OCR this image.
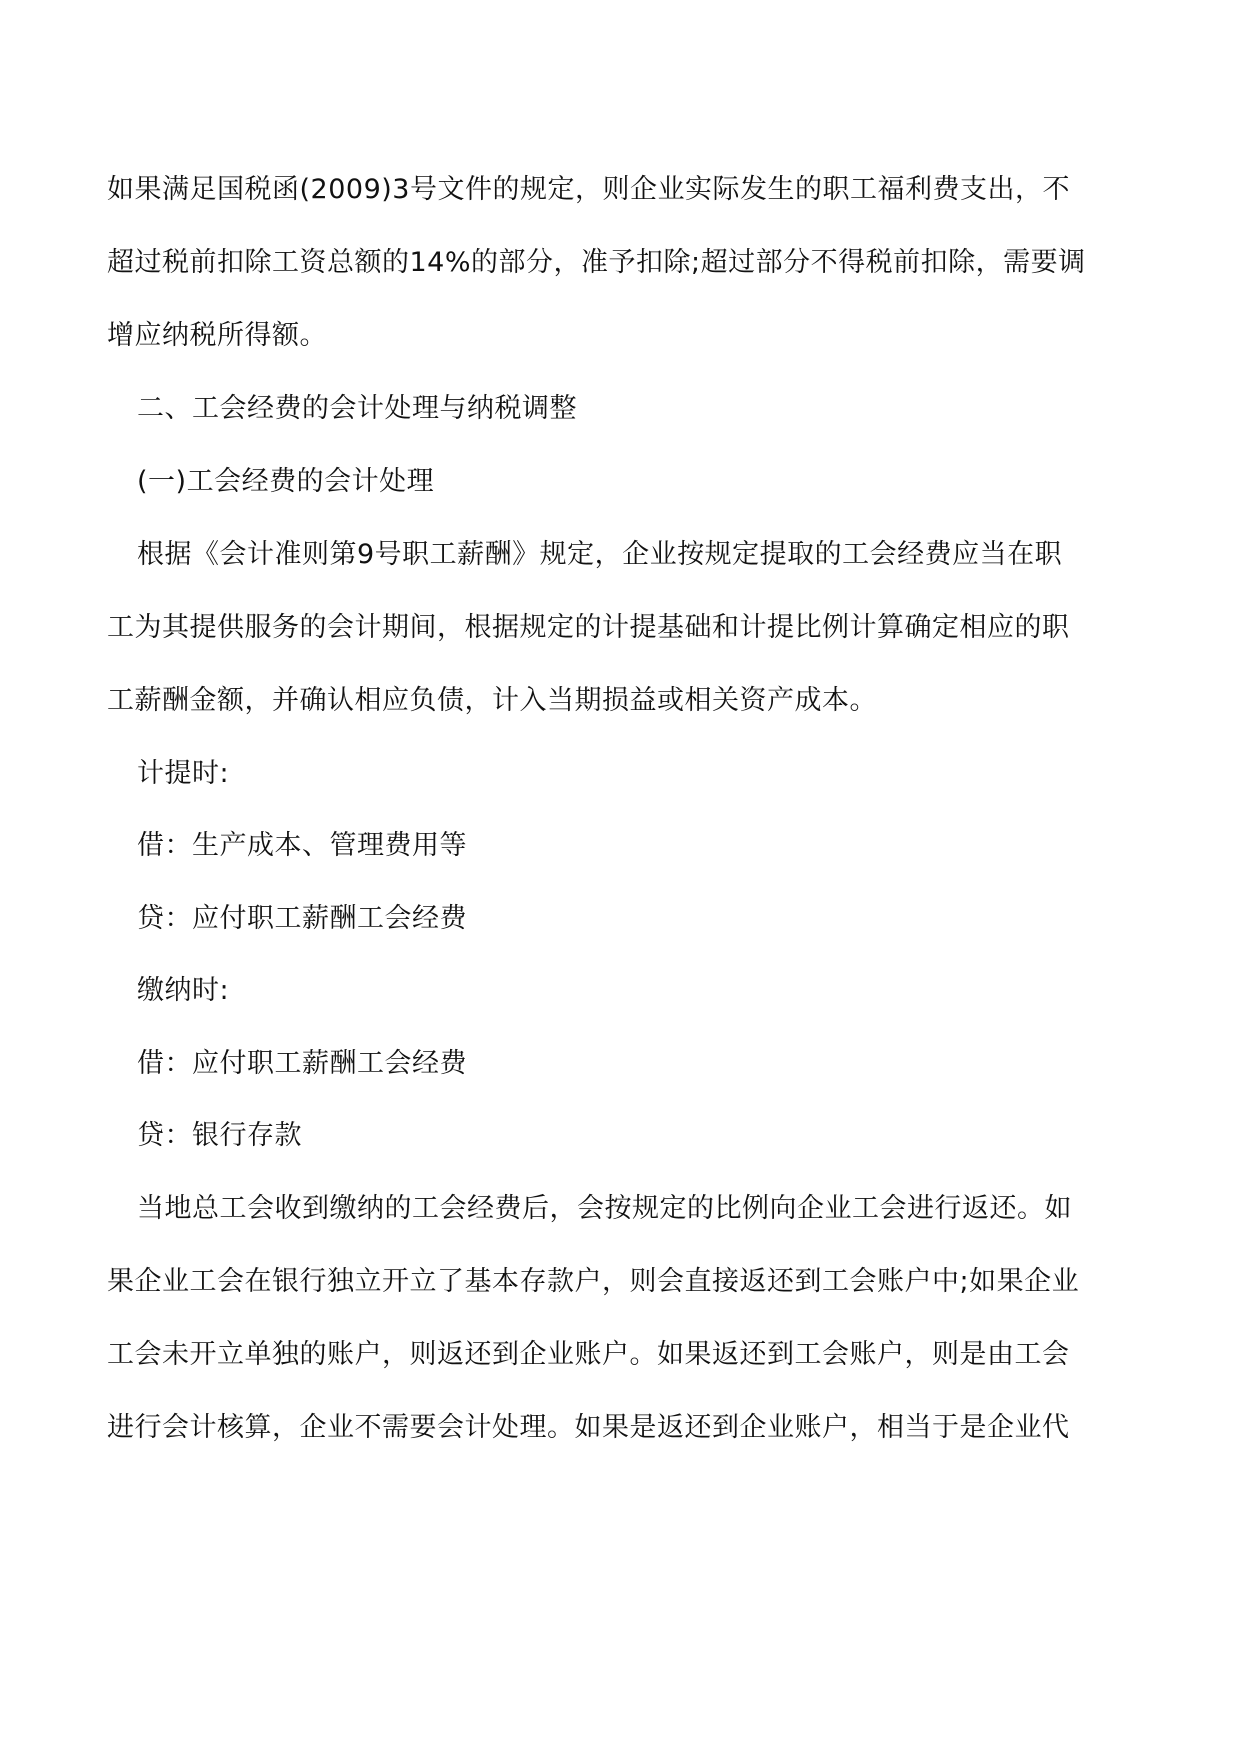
如果满足国税函(2009)3号文件的规定，则企业实际发生的职工福利费支出，不
超过税前扣除工资总额的14%的部分，准予扣除;超过部分不得税前扣除，需要调
增应纳税所得额。
二、工会经费的会计处理与纳税调整
(一)工会经费的会计处理
根据《会计准则第9号职工薪酬》规定，企业按规定提取的工会经费应当在职
工为其提供服务的会计期间，根据规定的计提基础和计提比例计算确定相应的职
工薪酬金额，并确认相应负债，计入当期损益或相关资产成本。
计提时:
借：生产成本、管理费用等
贷：应付职工薪酬工会经费
缴纳时:
借：应付职工薪酬工会经费
贷：银行存款
当地总工会收到缴纳的工会经费后，会按规定的比例向企业工会进行返还。如
果企业工会在银行独立开立了基本存款户，则会直接返还到工会账户中;如果企业
工会未开立单独的账户，则返还到企业账户。如果返还到工会账户，则是由工会
进行会计核算，企业不需要会计处理。如果是返还到企业账户，相当于是企业代
